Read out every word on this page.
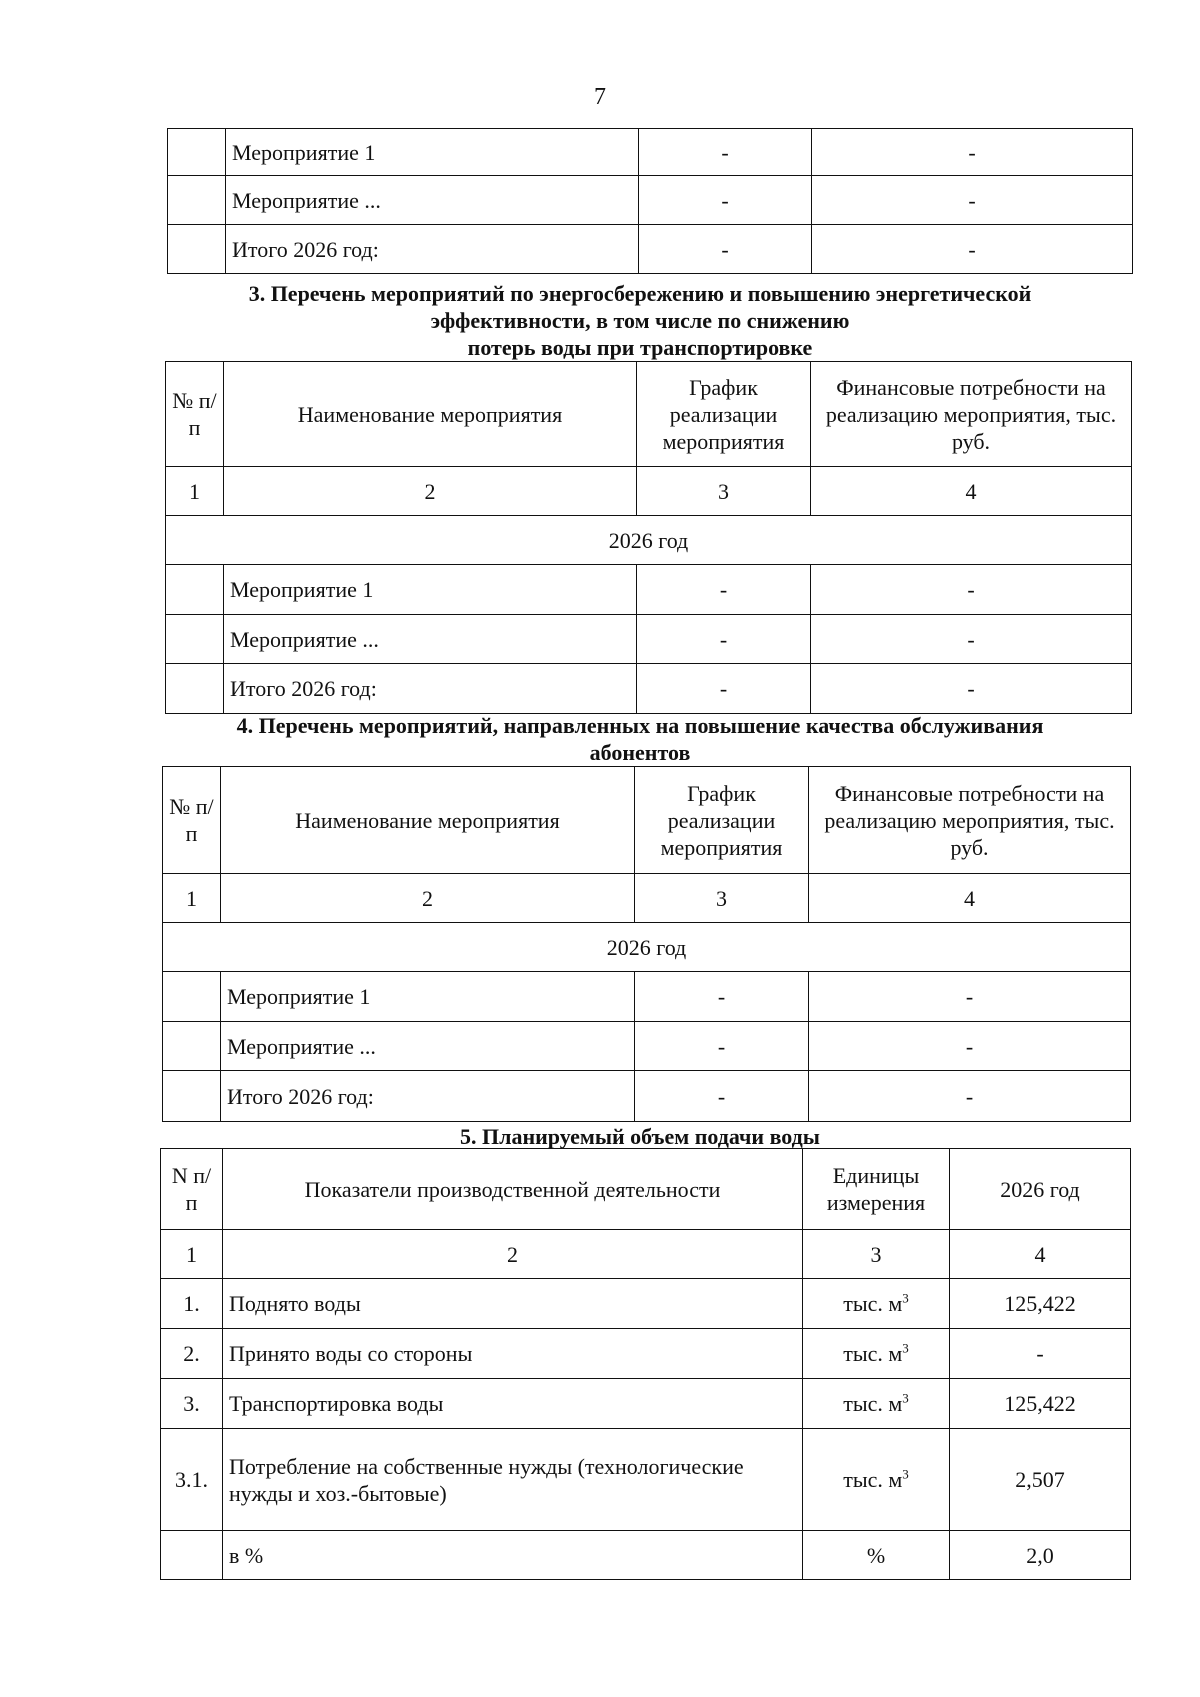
7
	Мероприятие 1	-	-
	Мероприятие ...	-	-
	Итого 2026 год:	-	-
3. Перечень мероприятий по энергосбережению и повышению энергетической
эффективности, в том числе по снижению
потерь воды при транспортировке
№ п/п	Наименование мероприятия	График реализации мероприятия	Финансовые потребности на реализацию мероприятия, тыс. руб.
1	2	3	4
2026 год			
	Мероприятие 1	-	-
	Мероприятие ...	-	-
	Итого 2026 год:	-	-
4. Перечень мероприятий, направленных на повышение качества обслуживания
абонентов
№ п/п	Наименование мероприятия	График реализации мероприятия	Финансовые потребности на реализацию мероприятия, тыс. руб.
1	2	3	4
2026 год			
	Мероприятие 1	-	-
	Мероприятие ...	-	-
	Итого 2026 год:	-	-
5. Планируемый объем подачи воды
N п/п	Показатели производственной деятельности	Единицы измерения	2026 год
1	2	3	4
1.	Поднято воды	тыс. $м^3$	125,422
2.	Принято воды со стороны	тыс. $м^3$	-
3.	Транспортировка воды	тыс. $м^3$	125,422
3.1.	Потребление на собственные нужды (технологические нужды и хоз.-бытовые)	тыс. $м^3$	2,507
	в %	%	2,0
